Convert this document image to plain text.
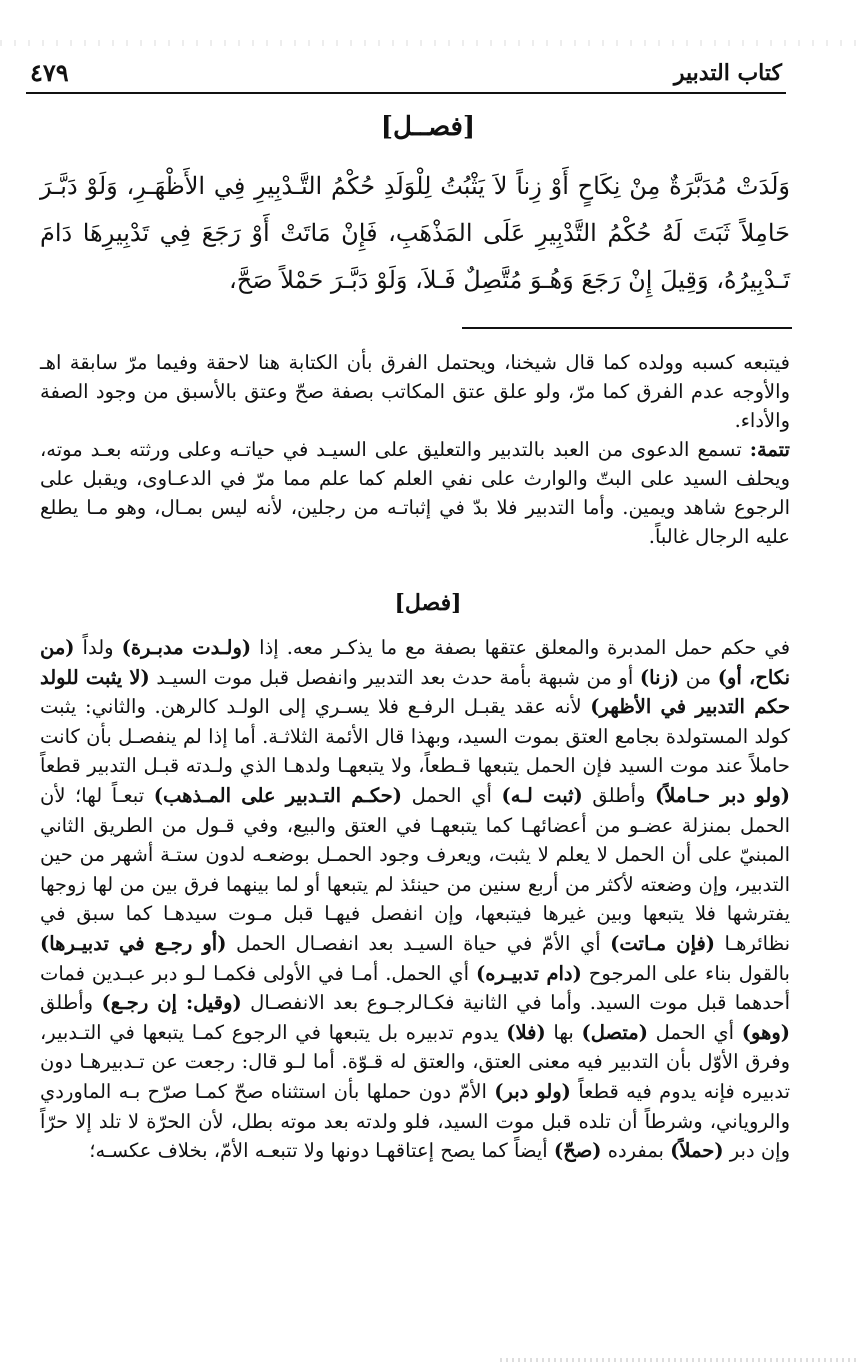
كتاب التدبير
٤٧٩
[فصــل]
وَلَدَتْ مُدَبَّرَةٌ مِنْ نِكَاحٍ أَوْ زِناً لاَ يَثْبُتُ لِلْوَلَدِ حُكْمُ التَّـدْبِيرِ فِي الأَظْهَـرِ، وَلَوْ دَبَّـرَ حَامِلاً ثَبَتَ لَهُ حُكْمُ التَّدْبِيرِ عَلَى المَذْهَبِ، فَإِنْ مَاتَتْ أَوْ رَجَعَ فِي تَدْبِيرِهَا دَامَ تَـدْبِيرُهُ، وَقِيلَ إِنْ رَجَعَ وَهُـوَ مُتَّصِلٌ فَـلاَ، وَلَوْ دَبَّـرَ حَمْلاً صَحَّ،

فيتبعه كسبه وولده كما قال شيخنا، ويحتمل الفرق بأن الكتابة هنا لاحقة وفيما مرّ سابقة اهـ والأوجه عدم الفرق كما مرّ، ولو علق عتق المكاتب بصفة صحّ وعتق بالأسبق من وجود الصفة والأداء.

تتمة: تسمع الدعوى من العبد بالتدبير والتعليق على السيـد في حياتـه وعلى ورثته بعـد موته، ويحلف السيد على البتّ والوارث على نفي العلم كما علم مما مرّ في الدعـاوى، ويقبل على الرجوع شاهد ويمين. وأما التدبير فلا بدّ في إثباتـه من رجلين، لأنه ليس بمـال، وهو مـا يطلع عليه الرجال غالباً.

[فصل]

في حكم حمل المدبرة والمعلق عتقها بصفة مع ما يذكـر معه. إذا (ولـدت مدبـرة) ولداً (من نكاح، أو) من (زنا) أو من شبهة بأمة حدث بعد التدبير وانفصل قبل موت السيـد (لا يثبت للولد حكم التدبير في الأظهر) لأنه عقد يقبـل الرفـع فلا يسـري إلى الولـد كالرهن. والثاني: يثبت كولد المستولدة بجامع العتق بموت السيد، وبهذا قال الأئمة الثلاثـة. أما إذا لم ينفصـل بأن كانت حاملاً عند موت السيد فإن الحمل يتبعها قـطعاً، ولا يتبعهـا ولدهـا الذي ولـدته قبـل التدبير قطعاً (ولو دبر حـاملاً) وأطلق (ثبت لـه) أي الحمل (حكـم التـدبير على المـذهب) تبعـاً لها؛ لأن الحمل بمنزلة عضـو من أعضائهـا كما يتبعهـا في العتق والبيع، وفي قـول من الطريق الثاني المبنيّ على أن الحمل لا يعلم لا يثبت، ويعرف وجود الحمـل بوضعـه لدون ستـة أشهر من حين التدبير، وإن وضعته لأكثر من أربع سنين من حينئذ لم يتبعها أو لما بينهما فرق بين من لها زوجها يفترشها فلا يتبعها وبين غيرها فيتبعها، وإن انفصل فيهـا قبل مـوت سيدهـا كما سبق في نظائرهـا (فإن مـاتت) أي الأمّ في حياة السيـد بعد انفصـال الحمل (أو رجـع في تدبيـرها) بالقول بناء على المرجوح (دام تدبيـره) أي الحمل. أمـا في الأولى فكمـا لـو دبر عبـدين فمات أحدهما قبل موت السيد. وأما في الثانية فكـالرجـوع بعد الانفصـال (وقيل: إن رجـع) وأطلق (وهو) أي الحمل (متصل) بها (فلا) يدوم تدبيره بل يتبعها في الرجوع كمـا يتبعها في التـدبير، وفرق الأوّل بأن التدبير فيه معنى العتق، والعتق له قـوّة. أما لـو قال: رجعت عن تـدبيرهـا دون تدبيره فإنه يدوم فيه قطعاً (ولو دبر) الأمّ دون حملها بأن استثناه صحّ كمـا صرّح بـه الماوردي والروياني، وشرطاً أن تلده قبل موت السيد، فلو ولدته بعد موته بطل، لأن الحرّة لا تلد إلا حرّاً وإن دبر (حملاً) بمفرده (صحّ) أيضاً كما يصح إعتاقهـا دونها ولا تتبعـه الأمّ، بخلاف عكسـه؛
